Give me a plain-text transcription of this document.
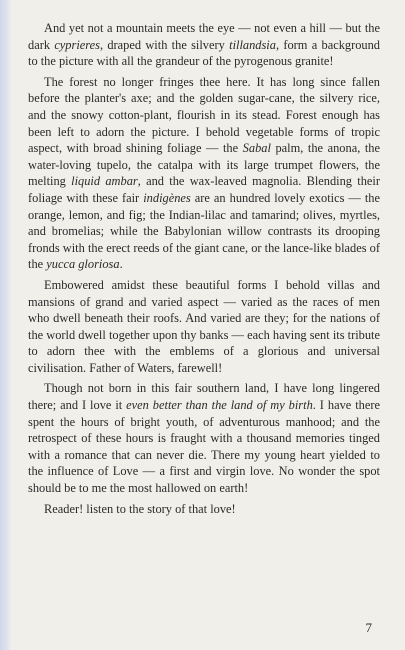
And yet not a mountain meets the eye — not even a hill — but the dark cyprieres, draped with the silvery tillandsia, form a background to the picture with all the grandeur of the pyrogenous granite!

The forest no longer fringes thee here. It has long since fallen before the planter's axe; and the golden sugar-cane, the silvery rice, and the snowy cotton-plant, flourish in its stead. Forest enough has been left to adorn the picture. I behold vegetable forms of tropic aspect, with broad shining foliage — the Sabal palm, the anona, the water-loving tupelo, the catalpa with its large trumpet flowers, the melting liquid ambar, and the wax-leaved magnolia. Blending their foliage with these fair indigènes are an hundred lovely exotics — the orange, lemon, and fig; the Indian-lilac and tamarind; olives, myrtles, and bromelias; while the Babylonian willow contrasts its drooping fronds with the erect reeds of the giant cane, or the lance-like blades of the yucca gloriosa.

Embowered amidst these beautiful forms I behold villas and mansions of grand and varied aspect — varied as the races of men who dwell beneath their roofs. And varied are they; for the nations of the world dwell together upon thy banks — each having sent its tribute to adorn thee with the emblems of a glorious and universal civilisation. Father of Waters, farewell!

Though not born in this fair southern land, I have long lingered there; and I love it even better than the land of my birth. I have there spent the hours of bright youth, of adventurous manhood; and the retrospect of these hours is fraught with a thousand memories tinged with a romance that can never die. There my young heart yielded to the influence of Love — a first and virgin love. No wonder the spot should be to me the most hallowed on earth!

Reader! listen to the story of that love!

7
